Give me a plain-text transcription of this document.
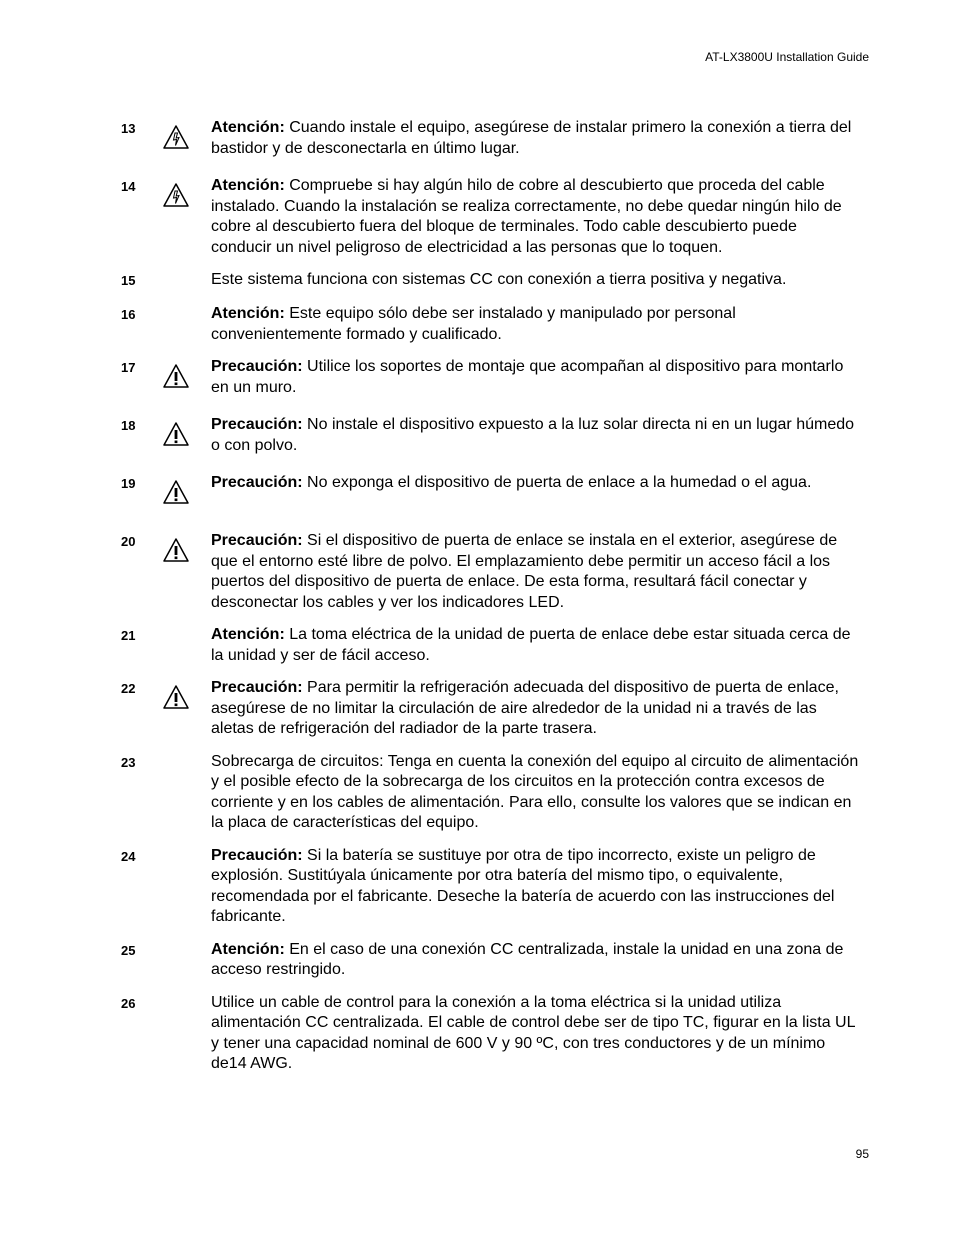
AT-LX3800U Installation Guide
13	Atención: Cuando instale el equipo, asegúrese de instalar primero la conexión a tierra del bastidor y de desconectarla en último lugar.
14	Atención: Compruebe si hay algún hilo de cobre al descubierto que proceda del cable instalado. Cuando la instalación se realiza correctamente, no debe quedar ningún hilo de cobre al descubierto fuera del bloque de terminales. Todo cable descubierto puede conducir un nivel peligroso de electricidad a las personas que lo toquen.
15	Este sistema funciona con sistemas CC con conexión a tierra positiva y negativa.
16	Atención: Este equipo sólo debe ser instalado y manipulado por personal convenientemente formado y cualificado.
17	Precaución: Utilice los soportes de montaje que acompañan al dispositivo para montarlo en un muro.
18	Precaución: No instale el dispositivo expuesto a la luz solar directa ni en un lugar húmedo o con polvo.
19	Precaución: No exponga el dispositivo de puerta de enlace a la humedad o el agua.
20	Precaución: Si el dispositivo de puerta de enlace se instala en el exterior, asegúrese de que el entorno esté libre de polvo. El emplazamiento debe permitir un acceso fácil a los puertos del dispositivo de puerta de enlace. De esta forma, resultará fácil conectar y desconectar los cables y ver los indicadores LED.
21	Atención: La toma eléctrica de la unidad de puerta de enlace debe estar situada cerca de la unidad y ser de fácil acceso.
22	Precaución: Para permitir la refrigeración adecuada del dispositivo de puerta de enlace, asegúrese de no limitar la circulación de aire alrededor de la unidad ni a través de las aletas de refrigeración del radiador de la parte trasera.
23	Sobrecarga de circuitos: Tenga en cuenta la conexión del equipo al circuito de alimentación y el posible efecto de la sobrecarga de los circuitos en la protección contra excesos de corriente y en los cables de alimentación. Para ello, consulte los valores que se indican en la placa de características del equipo.
24	Precaución: Si la batería se sustituye por otra de tipo incorrecto, existe un peligro de explosión. Sustitúyala únicamente por otra batería del mismo tipo, o equivalente, recomendada por el fabricante. Deseche la batería de acuerdo con las instrucciones del fabricante.
25	Atención: En el caso de una conexión CC centralizada, instale la unidad en una zona de acceso restringido.
26	Utilice un cable de control para la conexión a la toma eléctrica si la unidad utiliza alimentación CC centralizada. El cable de control debe ser de tipo TC, figurar en la lista UL y tener una capacidad nominal de 600 V y 90 ºC, con tres conductores y de un mínimo de14 AWG.
95
